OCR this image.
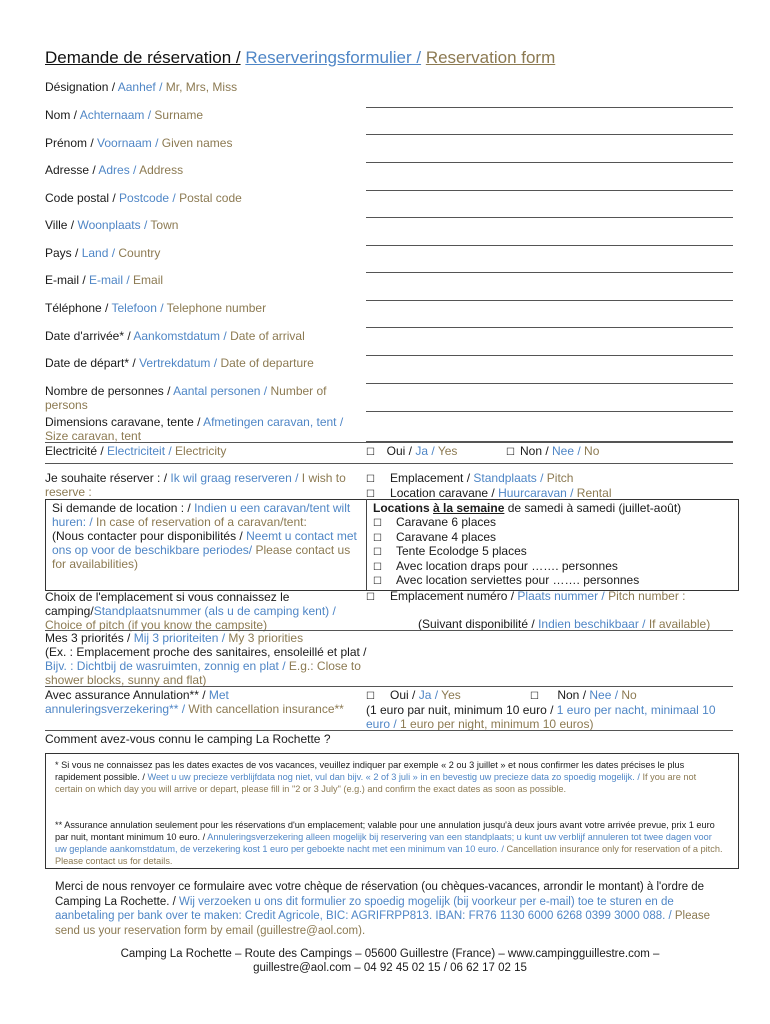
Demande de réservation / Reserveringsformulier / Reservation form
Désignation / Aanhef / Mr, Mrs, Miss
Nom / Achternaam / Surname
Prénom / Voornaam / Given names
Adresse / Adres / Address
Code postal / Postcode / Postal code
Ville / Woonplaats / Town
Pays / Land / Country
E-mail / E-mail / Email
Téléphone / Telefoon / Telephone number
Date d'arrivée* / Aankomstdatum / Date of arrival
Date de départ* / Vertrekdatum / Date of departure
Nombre de personnes / Aantal personen / Number of persons
Dimensions caravane, tente / Afmetingen caravan, tent / Size caravan, tent
Electricité / Electriciteit / Electricity	☐ Oui / Ja / Yes	☐ Non / Nee / No
Je souhaite réserver : / Ik wil graag reserveren / I wish to reserve :
☐ Emplacement / Standplaats / Pitch
☐ Location caravane / Huurcaravan / Rental
Si demande de location : / Indien u een caravan/tent wilt huren: / In case of reservation of a caravan/tent:
(Nous contacter pour disponibilités / Neemt u contact met ons op voor de beschikbare periodes/ Please contact us for availabilities)
Locations à la semaine de samedi à samedi (juillet-août)
☐ Caravane 6 places
☐ Caravane 4 places
☐ Tente Ecolodge 5 places
☐ Avec location draps pour ……. personnes
☐ Avec location serviettes pour ……. personnes
Choix de l'emplacement si vous connaissez le camping/Standplaatsnummer (als u de camping kent) / Choice of pitch (if you know the campsite)
☐ Emplacement numéro / Plaats nummer / Pitch number :
(Suivant disponibilité / Indien beschikbaar / If available)
Mes 3 priorités / Mij 3 prioriteiten / My 3 priorities
(Ex. : Emplacement proche des sanitaires, ensoleillé et plat / Bijv. : Dichtbij de wasruimten, zonnig en plat / E.g.: Close to shower blocks, sunny and flat)
Avec assurance Annulation** / Met annuleringsverzekering** / With cancellation insurance**
☐ Oui / Ja / Yes	☐ Non / Nee / No
(1 euro par nuit, minimum 10 euro / 1 euro per nacht, minimaal 10 euro / 1 euro per night, minimum 10 euros)
Comment avez-vous connu le camping La Rochette ?
* Si vous ne connaissez pas les dates exactes de vos vacances, veuillez indiquer par exemple « 2 ou 3 juillet » et nous confirmer les dates précises le plus rapidement possible. / Weet u uw precieze verblijfdata nog niet, vul dan bijv. « 2 of 3 juli » in en bevestig uw precieze data zo spoedig mogelijk. / If you are not certain on which day you will arrive or depart, please fill in "2 or 3 July" (e.g.) and confirm the exact dates as soon as possible.
** Assurance annulation seulement pour les réservations d'un emplacement; valable pour une annulation jusqu'à deux jours avant votre arrivée prevue, prix 1 euro par nuit, montant minimum 10 euro. / Annuleringsverzekering alleen mogelijk bij reservering van een standplaats; u kunt uw verblijf annuleren tot twee dagen voor uw geplande aankomstdatum, de verzekering kost 1 euro per geboekte nacht met een minimum van 10 euro. / Cancellation insurance only for reservation of a pitch. Please contact us for details.
Merci de nous renvoyer ce formulaire avec votre chèque de réservation (ou chèques-vacances, arrondir le montant) à l'ordre de Camping La Rochette. / Wij verzoeken u ons dit formulier zo spoedig mogelijk (bij voorkeur per e-mail) toe te sturen en de aanbetaling per bank over te maken: Credit Agricole, BIC: AGRIFRPP813. IBAN: FR76 1130 6000 6268 0399 3000 088. / Please send us your reservation form by email (guillestre@aol.com).
Camping La Rochette – Route des Campings – 05600 Guillestre (France) – www.campingguillestre.com –
guillestre@aol.com – 04 92 45 02 15 / 06 62 17 02 15
